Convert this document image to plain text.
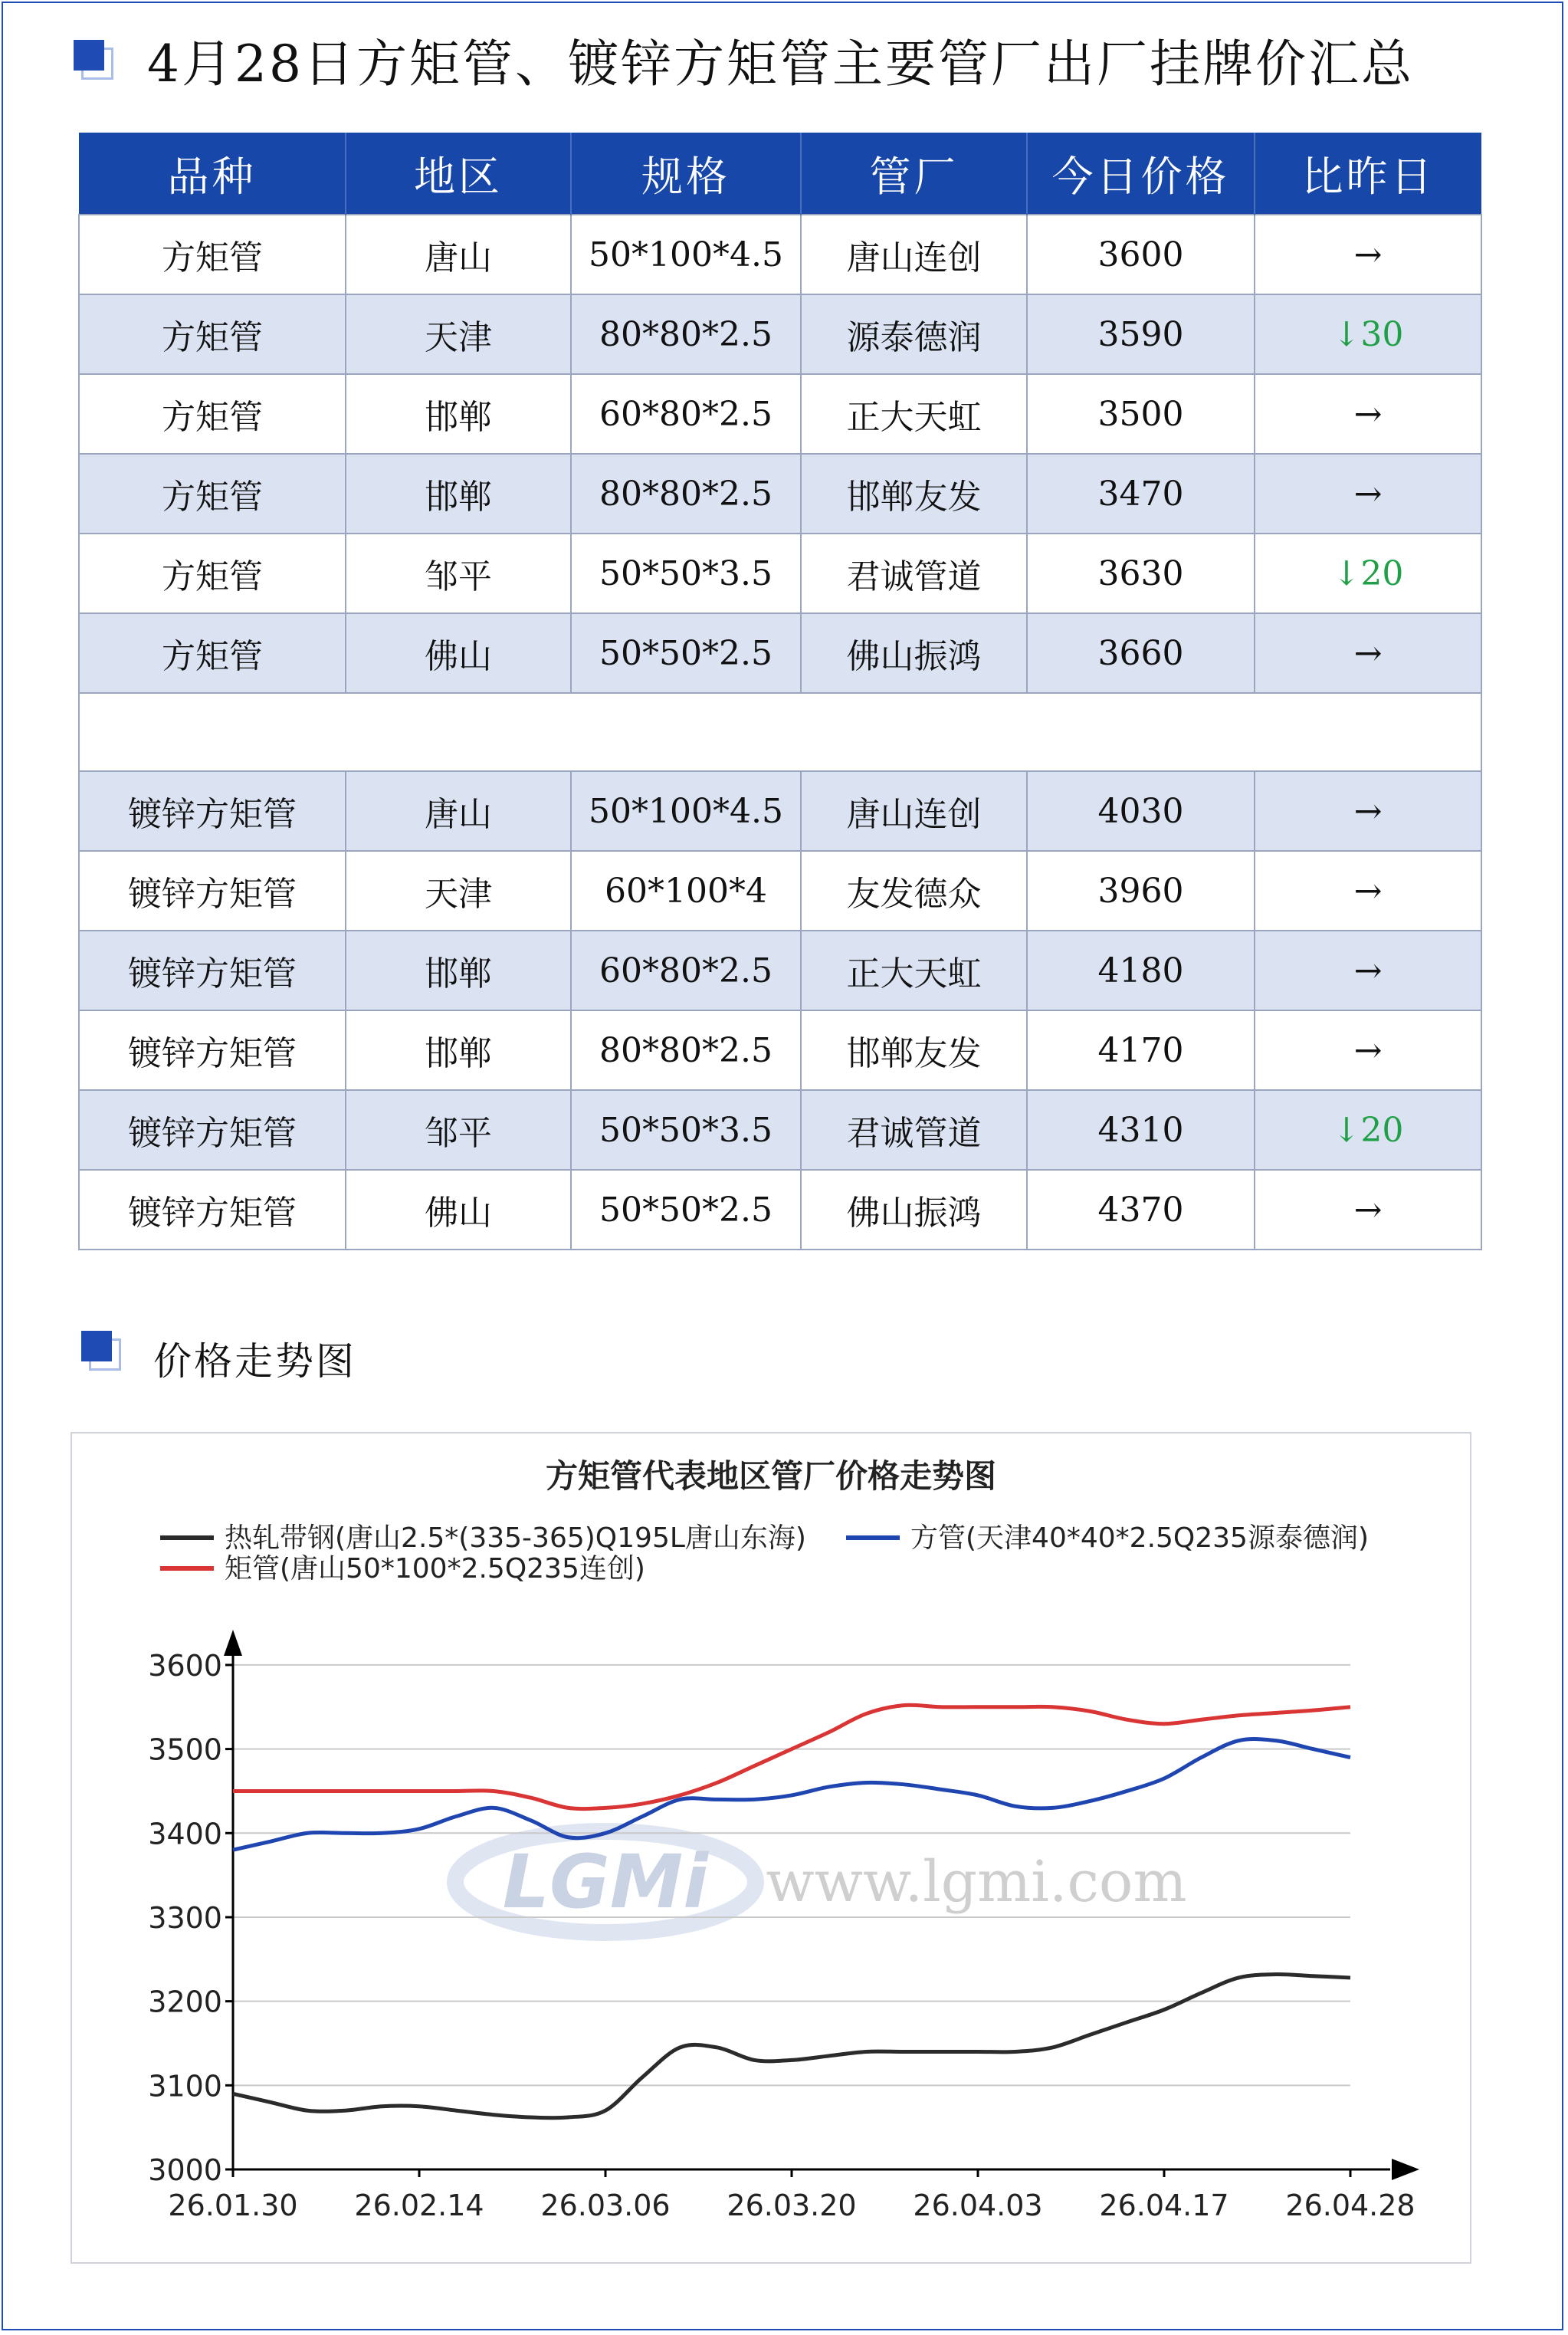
4月28日方矩管、镀锌方矩管主要管厂出厂挂牌价汇总
品种	地区	规格	管厂	今日价格	比昨日
方矩管	唐山	50*100*4.5	唐山连创	3600	→
方矩管	天津	80*80*2.5	源泰德润	3590	↓30
方矩管	邯郸	60*80*2.5	正大天虹	3500	→
方矩管	邯郸	80*80*2.5	邯郸友发	3470	→
方矩管	邹平	50*50*3.5	君诚管道	3630	↓20
方矩管	佛山	50*50*2.5	佛山振鸿	3660	→

镀锌方矩管	唐山	50*100*4.5	唐山连创	4030	→
镀锌方矩管	天津	60*100*4	友发德众	3960	→
镀锌方矩管	邯郸	60*80*2.5	正大天虹	4180	→
镀锌方矩管	邯郸	80*80*2.5	邯郸友发	4170	→
镀锌方矩管	邹平	50*50*3.5	君诚管道	4310	↓20
镀锌方矩管	佛山	50*50*2.5	佛山振鸿	4370	→
价格走势图
方矩管代表地区管厂价格走势图
LGMi www.lgmi.com
3000
3100
3200
3300
3400
3500
3600
26.01.30 26.02.14 26.03.06 26.03.20 26.04.03 26.04.17 26.04.28
热轧带钢(唐山2.5*(335-365)Q195L唐山东海)	方管(天津40*40*2.5Q235源泰德润)
矩管(唐山50*100*2.5Q235连创)
